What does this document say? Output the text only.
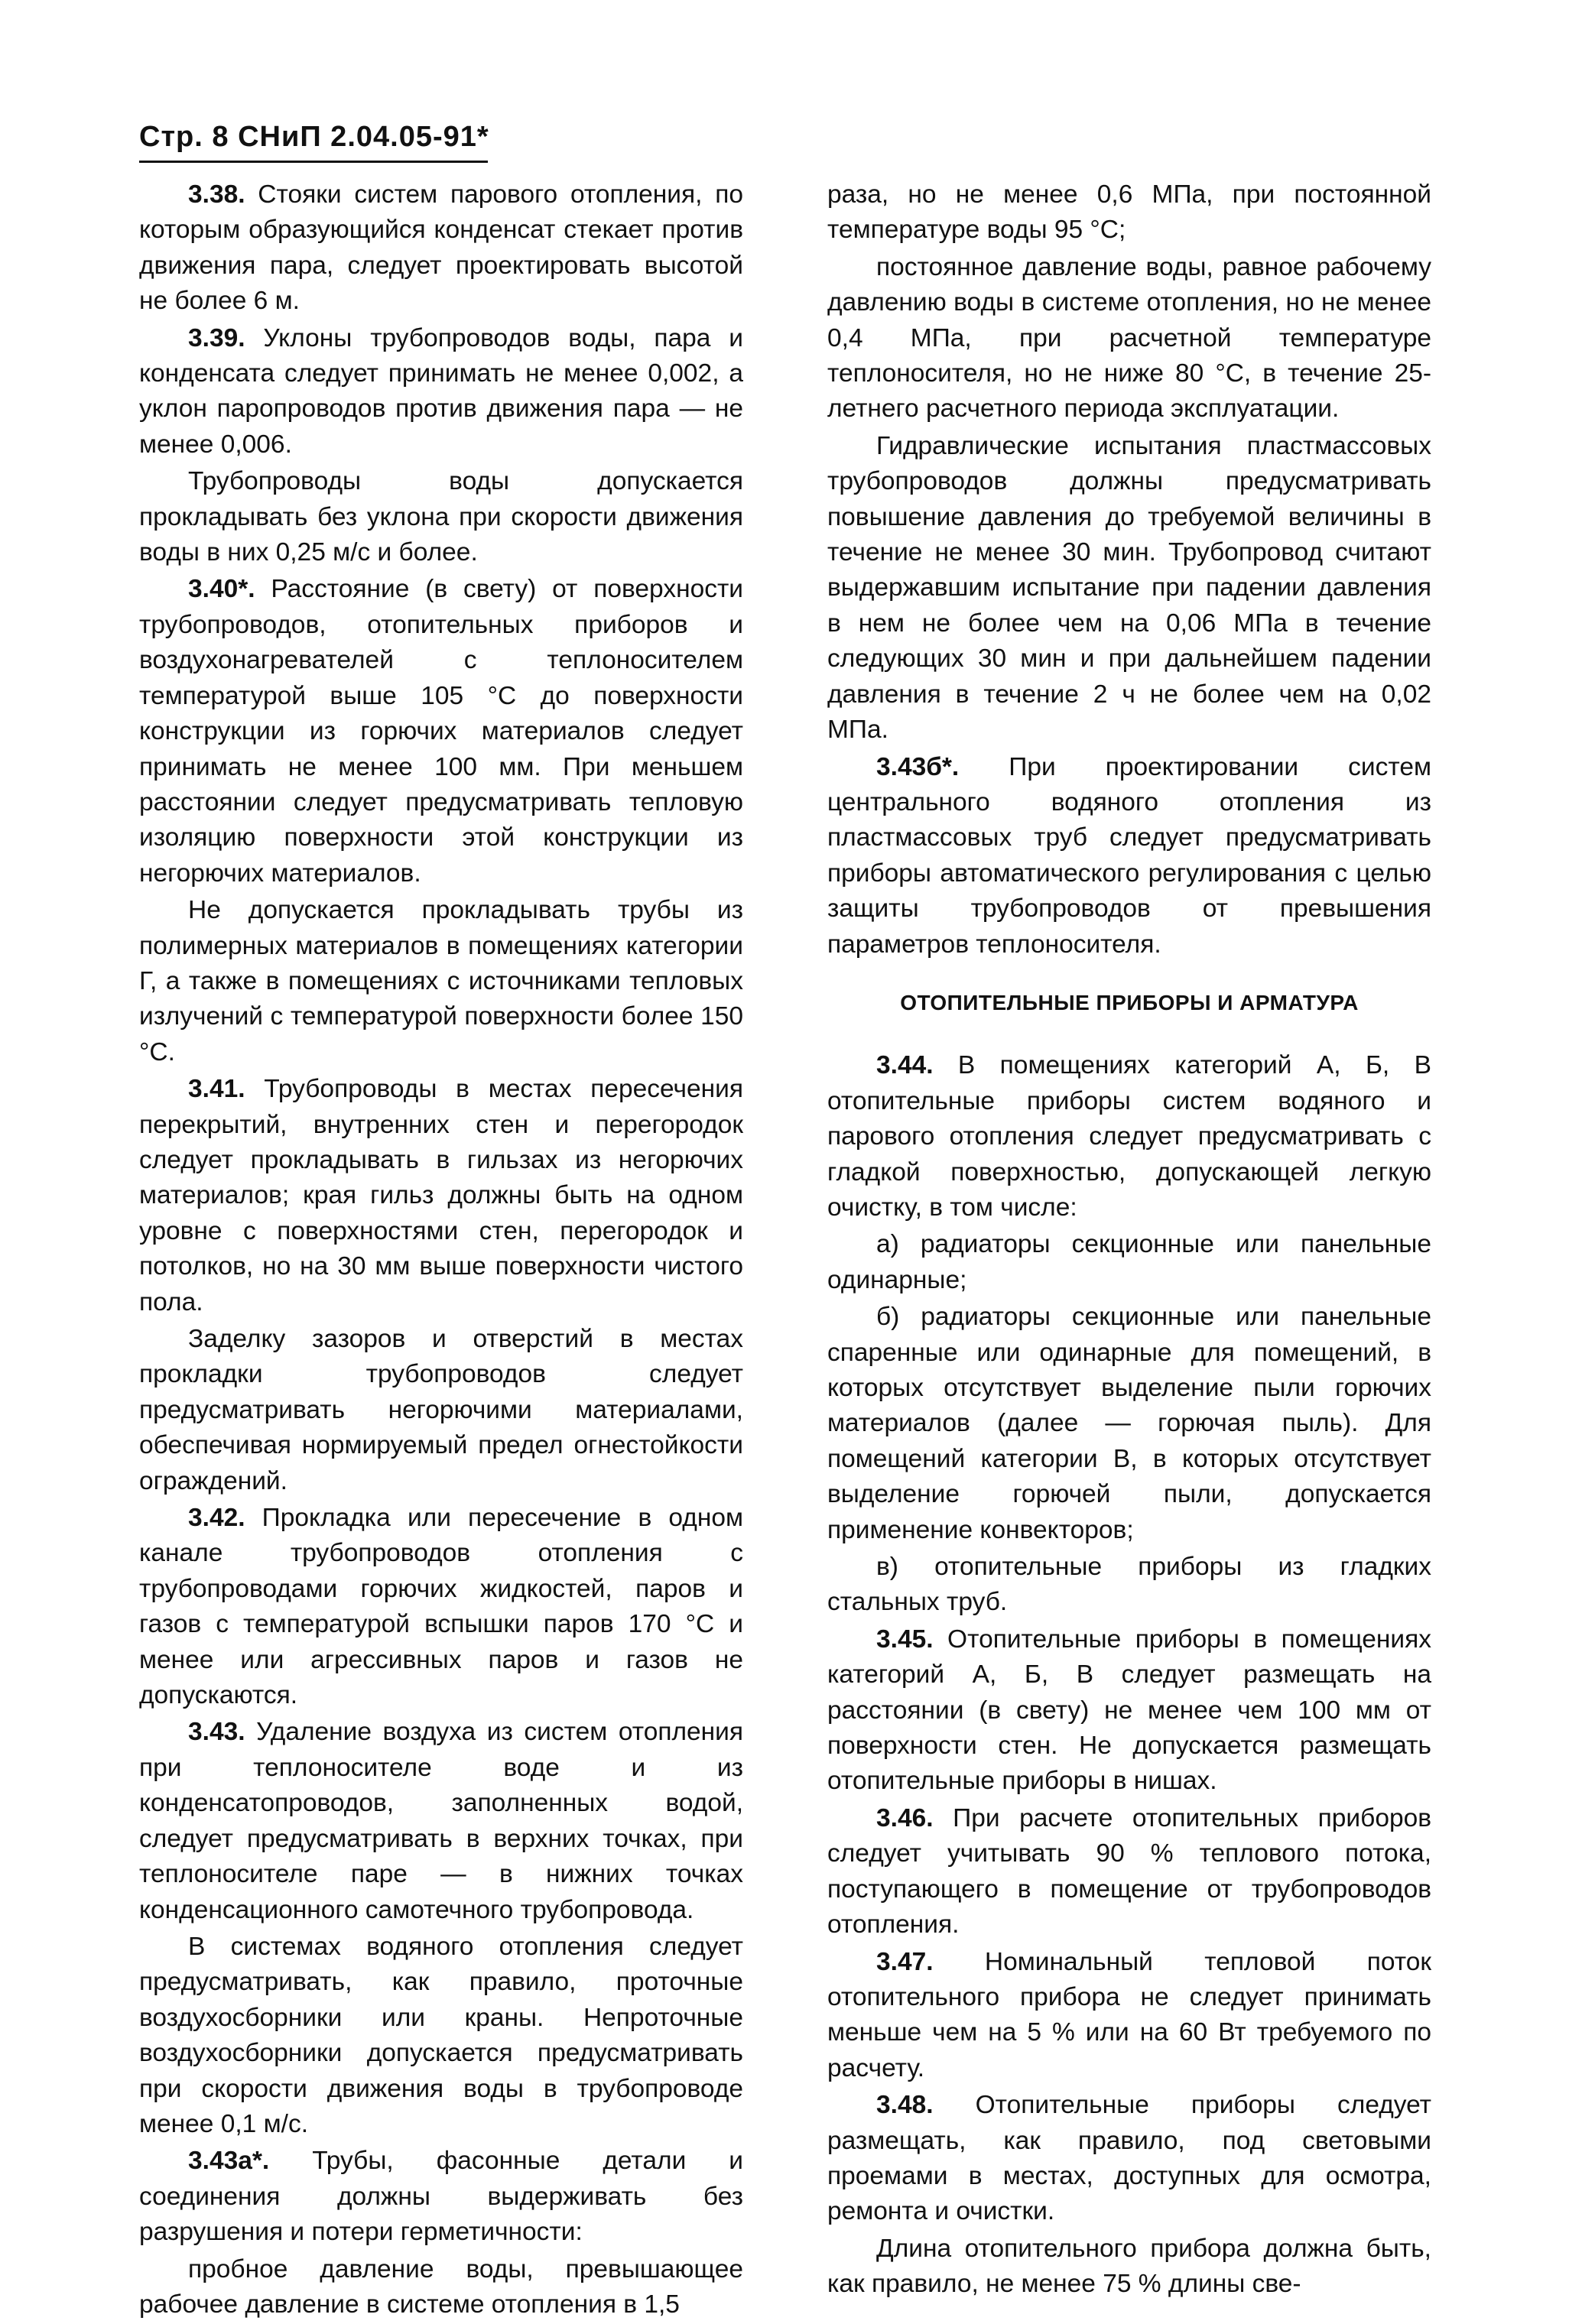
Стр. 8 СНиП 2.04.05-91*

3.38. Стояки систем парового отопления, по которым образующийся конденсат стекает против движения пара, следует проектировать высотой не более 6 м.

3.39. Уклоны трубопроводов воды, пара и конденсата следует принимать не менее 0,002, а уклон паропроводов против движения пара — не менее 0,006.

Трубопроводы воды допускается прокладывать без уклона при скорости движения воды в них 0,25 м/с и более.

3.40*. Расстояние (в свету) от поверхности трубопроводов, отопительных приборов и воздухонагревателей с теплоносителем температурой выше 105 °С до поверхности конструкции из горючих материалов следует принимать не менее 100 мм. При меньшем расстоянии следует предусматривать тепловую изоляцию поверхности этой конструкции из негорючих материалов.

Не допускается прокладывать трубы из полимерных материалов в помещениях категории Г, а также в помещениях с источниками тепловых излучений с температурой поверхности более 150 °С.

3.41. Трубопроводы в местах пересечения перекрытий, внутренних стен и перегородок следует прокладывать в гильзах из негорючих материалов; края гильз должны быть на одном уровне с поверхностями стен, перегородок и потолков, но на 30 мм выше поверхности чистого пола.

Заделку зазоров и отверстий в местах прокладки трубопроводов следует предусматривать негорючими материалами, обеспечивая нормируемый предел огнестойкости ограждений.

3.42. Прокладка или пересечение в одном канале трубопроводов отопления с трубопроводами горючих жидкостей, паров и газов с температурой вспышки паров 170 °С и менее или агрессивных паров и газов не допускаются.

3.43. Удаление воздуха из систем отопления при теплоносителе воде и из конденсатопроводов, заполненных водой, следует предусматривать в верхних точках, при теплоносителе паре — в нижних точках конденсационного самотечного трубопровода.

В системах водяного отопления следует предусматривать, как правило, проточные воздухосборники или краны. Непроточные воздухосборники допускается предусматривать при скорости движения воды в трубопроводе менее 0,1 м/с.

3.43а*. Трубы, фасонные детали и соединения должны выдерживать без разрушения и потери герметичности:

пробное давление воды, превышающее рабочее давление в системе отопления в 1,5

раза, но не менее 0,6 МПа, при постоянной температуре воды 95 °С;

постоянное давление воды, равное рабочему давлению воды в системе отопления, но не менее 0,4 МПа, при расчетной температуре теплоносителя, но не ниже 80 °С, в течение 25-летнего расчетного периода эксплуатации.

Гидравлические испытания пластмассовых трубопроводов должны предусматривать повышение давления до требуемой величины в течение не менее 30 мин. Трубопровод считают выдержавшим испытание при падении давления в нем не более чем на 0,06 МПа в течение следующих 30 мин и при дальнейшем падении давления в течение 2 ч не более чем на 0,02 МПа.

3.43б*. При проектировании систем центрального водяного отопления из пластмассовых труб следует предусматривать приборы автоматического регулирования с целью защиты трубопроводов от превышения параметров теплоносителя.

ОТОПИТЕЛЬНЫЕ ПРИБОРЫ И АРМАТУРА

3.44. В помещениях категорий А, Б, В отопительные приборы систем водяного и парового отопления следует предусматривать с гладкой поверхностью, допускающей легкую очистку, в том числе:

а) радиаторы секционные или панельные одинарные;

б) радиаторы секционные или панельные спаренные или одинарные для помещений, в которых отсутствует выделение пыли горючих материалов (далее — горючая пыль). Для помещений категории В, в которых отсутствует выделение горючей пыли, допускается применение конвекторов;

в) отопительные приборы из гладких стальных труб.

3.45. Отопительные приборы в помещениях категорий А, Б, В следует размещать на расстоянии (в свету) не менее чем 100 мм от поверхности стен. Не допускается размещать отопительные приборы в нишах.

3.46. При расчете отопительных приборов следует учитывать 90 % теплового потока, поступающего в помещение от трубопроводов отопления.

3.47. Номинальный тепловой поток отопительного прибора не следует принимать меньше чем на 5 % или на 60 Вт требуемого по расчету.

3.48. Отопительные приборы следует размещать, как правило, под световыми проемами в местах, доступных для осмотра, ремонта и очистки.

Длина отопительного прибора должна быть, как правило, не менее 75 % длины све-
